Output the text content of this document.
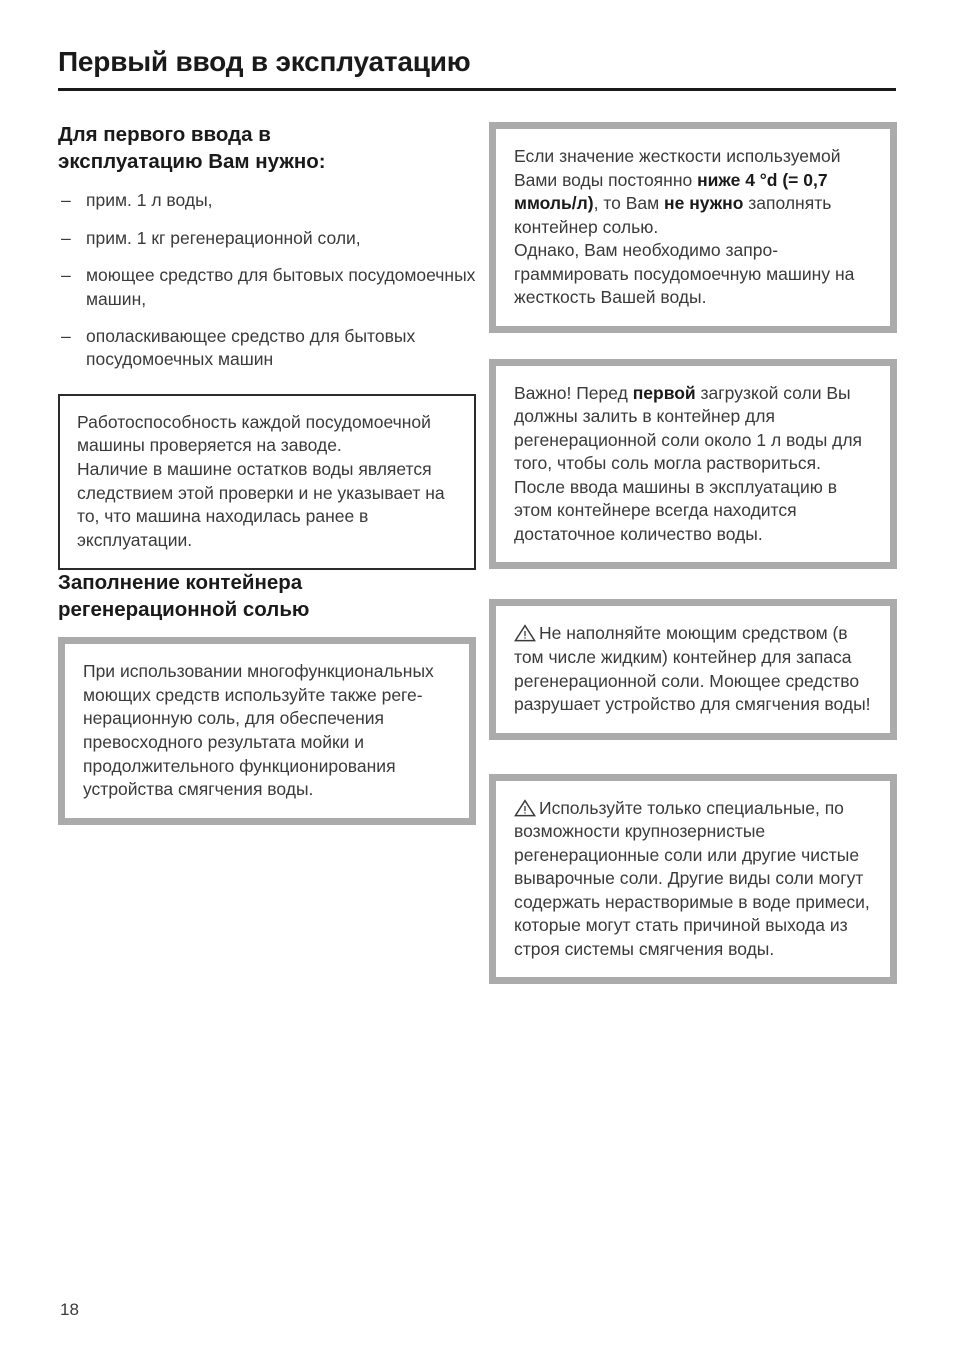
Первый ввод в эксплуатацию
Для первого ввода в
эксплуатацию Вам нужно:
– прим. 1 л воды,
– прим. 1 кг регенерационной соли,
– моющее средство для бытовых посудомоечных машин,
– ополаскивающее средство для бытовых посудомоечных машин

Работоспособность каждой посудомоечной машины проверяется на заводе.

Наличие в машине остатков воды является следствием этой проверки и не указывает на то, что машина находилась ранее в эксплуатации.

Заполнение контейнера
регенерационной солью

При использовании многофункциональных моющих средств используйте также регенерационную соль, для обеспечения превосходного результата мойки и продолжительного функционирования устройства смягчения воды.

Если значение жесткости используемой Вами воды постоянно ниже 4 °d (= 0,7 ммоль/л), то Вам не нужно заполнять контейнер солью.

Однако, Вам необходимо запрограммировать посудомоечную машину на жесткость Вашей воды.

Важно! Перед первой загрузкой соли Вы должны залить в контейнер для регенерационной соли около 1 л воды для того, чтобы соль могла раствориться. После ввода машины в эксплуатацию в этом контейнере всегда находится достаточное количество воды.

Не наполняйте моющим средством (в том числе жидким) контейнер для запаса регенерационной соли. Моющее средство разрушает устройство для смягчения воды!

Используйте только специальные, по возможности крупнозернистые регенерационные соли или другие чистые выварочные соли. Другие виды соли могут содержать нерастворимые в воде примеси, которые могут стать причиной выхода из строя системы смягчения воды.

18
